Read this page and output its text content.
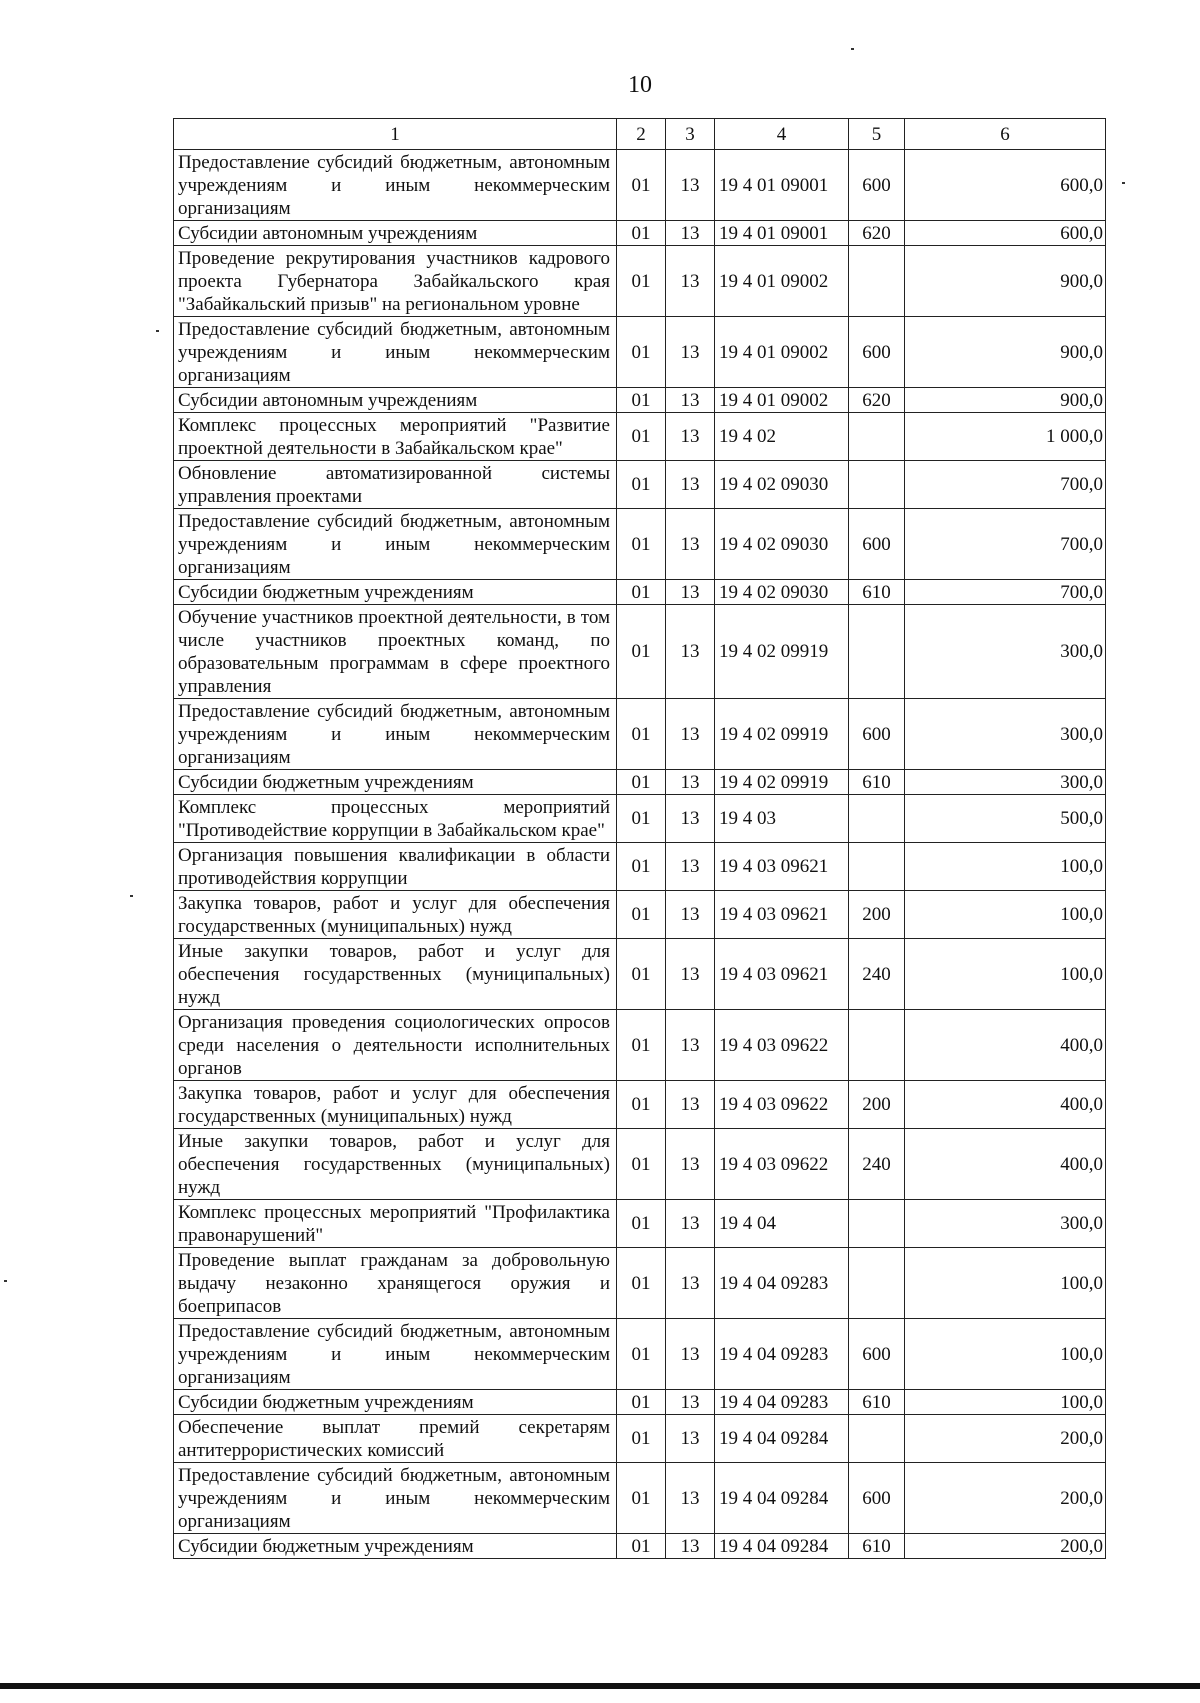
10
1	2	3	4	5	6
Предоставление субсидий бюджетным, автономным учреждениям и иным некоммерческим организациям	01	13	19 4 01 09001	600	600,0
Субсидии автономным учреждениям	01	13	19 4 01 09001	620	600,0
Проведение рекрутирования участников кадрового проекта Губернатора Забайкальского края "Забайкальский призыв" на региональном уровне	01	13	19 4 01 09002		900,0
Предоставление субсидий бюджетным, автономным учреждениям и иным некоммерческим организациям	01	13	19 4 01 09002	600	900,0
Субсидии автономным учреждениям	01	13	19 4 01 09002	620	900,0
Комплекс процессных мероприятий "Развитие проектной деятельности в Забайкальском крае"	01	13	19 4 02		1 000,0
Обновление автоматизированной системы управления проектами	01	13	19 4 02 09030		700,0
Предоставление субсидий бюджетным, автономным учреждениям и иным некоммерческим организациям	01	13	19 4 02 09030	600	700,0
Субсидии бюджетным учреждениям	01	13	19 4 02 09030	610	700,0
Обучение участников проектной деятельности, в том числе участников проектных команд, по образовательным программам в сфере проектного управления	01	13	19 4 02 09919		300,0
Предоставление субсидий бюджетным, автономным учреждениям и иным некоммерческим организациям	01	13	19 4 02 09919	600	300,0
Субсидии бюджетным учреждениям	01	13	19 4 02 09919	610	300,0
Комплекс процессных мероприятий "Противодействие коррупции в Забайкальском крае"	01	13	19 4 03		500,0
Организация повышения квалификации в области противодействия коррупции	01	13	19 4 03 09621		100,0
Закупка товаров, работ и услуг для обеспечения государственных (муниципальных) нужд	01	13	19 4 03 09621	200	100,0
Иные закупки товаров, работ и услуг для обеспечения государственных (муниципальных) нужд	01	13	19 4 03 09621	240	100,0
Организация проведения социологических опросов среди населения о деятельности исполнительных органов	01	13	19 4 03 09622		400,0
Закупка товаров, работ и услуг для обеспечения государственных (муниципальных) нужд	01	13	19 4 03 09622	200	400,0
Иные закупки товаров, работ и услуг для обеспечения государственных (муниципальных) нужд	01	13	19 4 03 09622	240	400,0
Комплекс процессных мероприятий "Профилактика правонарушений"	01	13	19 4 04		300,0
Проведение выплат гражданам за добровольную выдачу незаконно хранящегося оружия и боеприпасов	01	13	19 4 04 09283		100,0
Предоставление субсидий бюджетным, автономным учреждениям и иным некоммерческим организациям	01	13	19 4 04 09283	600	100,0
Субсидии бюджетным учреждениям	01	13	19 4 04 09283	610	100,0
Обеспечение выплат премий секретарям антитеррористических комиссий	01	13	19 4 04 09284		200,0
Предоставление субсидий бюджетным, автономным учреждениям и иным некоммерческим организациям	01	13	19 4 04 09284	600	200,0
Субсидии бюджетным учреждениям	01	13	19 4 04 09284	610	200,0
